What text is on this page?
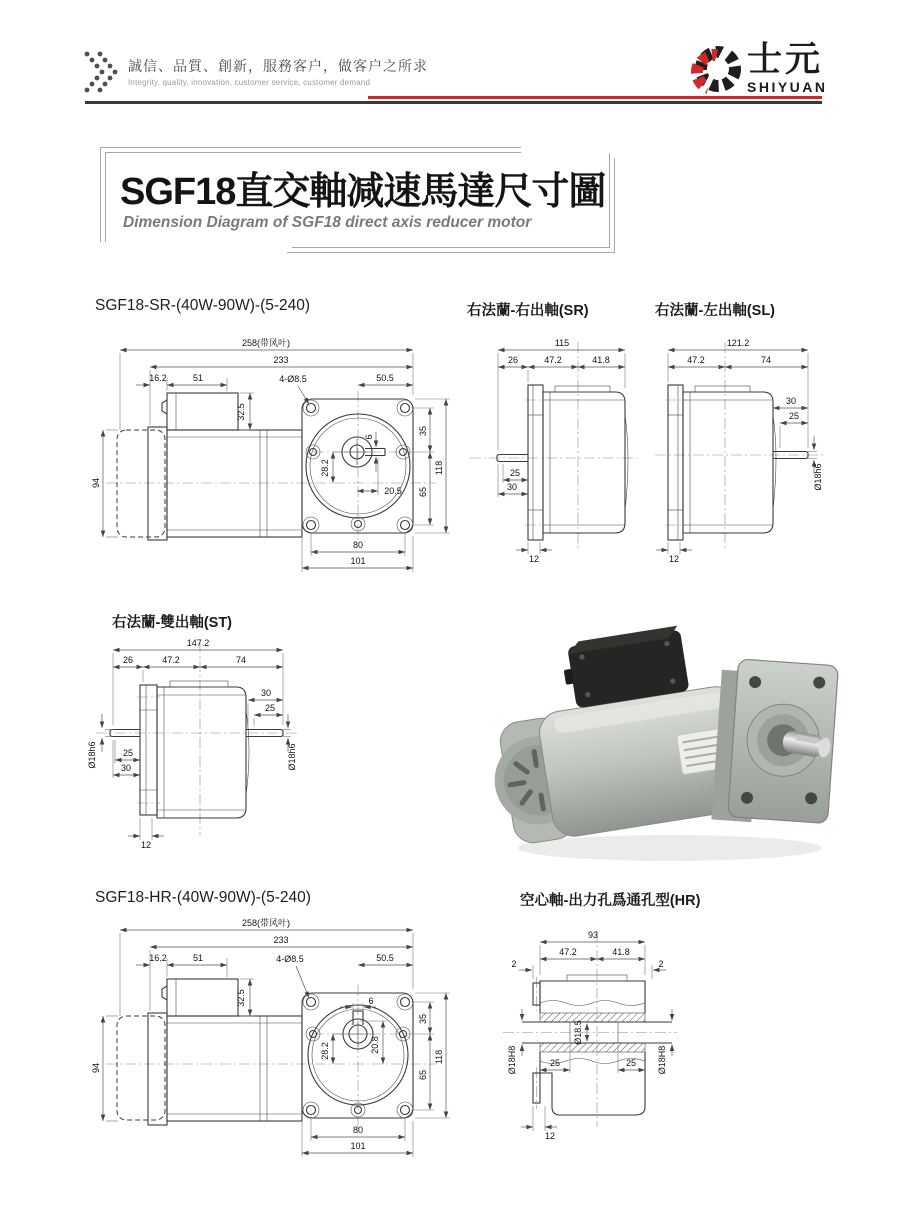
誠信、品質、創新，服務客户，做客户之所求
Integrity, quality, innovation, customer service, customer demand
士元
SHIYUAN
SGF18直交軸减速馬達尺寸圖
Dimension Diagram of SGF18 direct axis reducer motor
SGF18-SR-(40W-90W)-(5-240)	右法蘭-右出軸(SR)	右法蘭-左出軸(SL)
右法蘭-雙出軸(ST)
SGF18-HR-(40W-90W)-(5-240)	空心軸-出力孔爲通孔型(HR)
258(带风叶)
233
16.2	51	4-Ø8.5	50.5
32.5
94
6
28.2
20.5
35
65
118
80
101
115
26	47.2	41.8
25
30
12
121.2
47.2	74
30
25
Ø18h6
12
147.2
26	47.2	74
30
25
Ø18h6	Ø18h6
25
30
12
258(带风叶)
233
16.2	51	4-Ø8.5	50.5
32.5
94
6
28.2	20.8
35
65
118
80
101
93
47.2	41.8
2	2
Ø18.5
Ø18H8	Ø18H8
25	25
12
